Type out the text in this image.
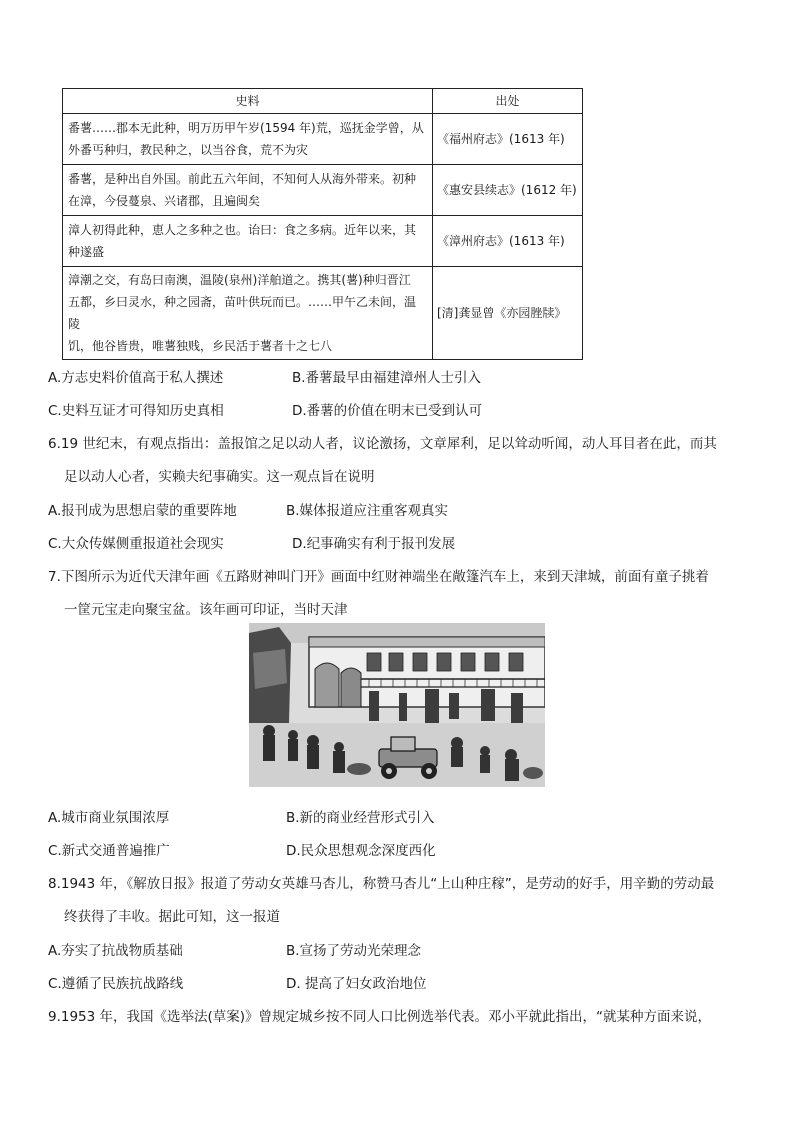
史料	出处

番薯……郡本无此种，明万历甲午岁(1594 年)荒，巡抚金学曾，从
外番丐种归，教民种之，以当谷食，荒不为灾	《福州府志》(1613 年)

番薯，是种出自外国。前此五六年间，不知何人从海外带来。初种
在漳，今侵蔓泉、兴诸郡，且遍闽矣	《惠安县续志》(1612 年)

漳人初得此种，恵人之多种之也。诒曰：食之多病。近年以来，其
种遂盛	《漳州府志》(1613 年)

漳潮之交，有岛曰南澳，温陵(泉州)洋舶道之。携其(薯)种归晋江
五都，乡曰灵水，种之园斋，苗叶供玩而已。……甲午乙未间，温陵
饥，他谷皆贵，唯薯独贱，乡民活于薯者十之七八	[清]龚显曾《亦园脞牍》
A.方志史料价值高于私人撰述	B.番薯最早由福建漳州人士引入
C.史料互证才可得知历史真相	D.番薯的价值在明末已受到认可
6.19 世纪末，有观点指出：盖报馆之足以动人者，议论激扬，文章犀利，足以耸动听闻，动人耳目者在此，而其
足以动人心者，实赖夫纪事确实。这一观点旨在说明
A.报刊成为思想启蒙的重要阵地	B.媒体报道应注重客观真实
C.大众传媒侧重报道社会现实	D.纪事确实有利于报刊发展
7.下图所示为近代天津年画《五路财神叫门开》画面中红财神端坐在敞篷汽车上，来到天津城，前面有童子挑着
一筐元宝走向聚宝盆。该年画可印证，当时天津
A.城市商业氛围浓厚	B.新的商业经营形式引入
C.新式交通普遍推广	D.民众思想观念深度西化
8.1943 年，《解放日报》报道了劳动女英雄马杏儿，称赞马杏儿“上山种庄稼”，是劳动的好手，用辛勤的劳动最
终获得了丰收。据此可知，这一报道
A.夯实了抗战物质基础	B.宣扬了劳动光荣理念
C.遵循了民族抗战路线	D. 提高了妇女政治地位
9.1953 年，我国《选举法(草案)》曾规定城乡按不同人口比例选举代表。邓小平就此指出，“就某种方面来说，
